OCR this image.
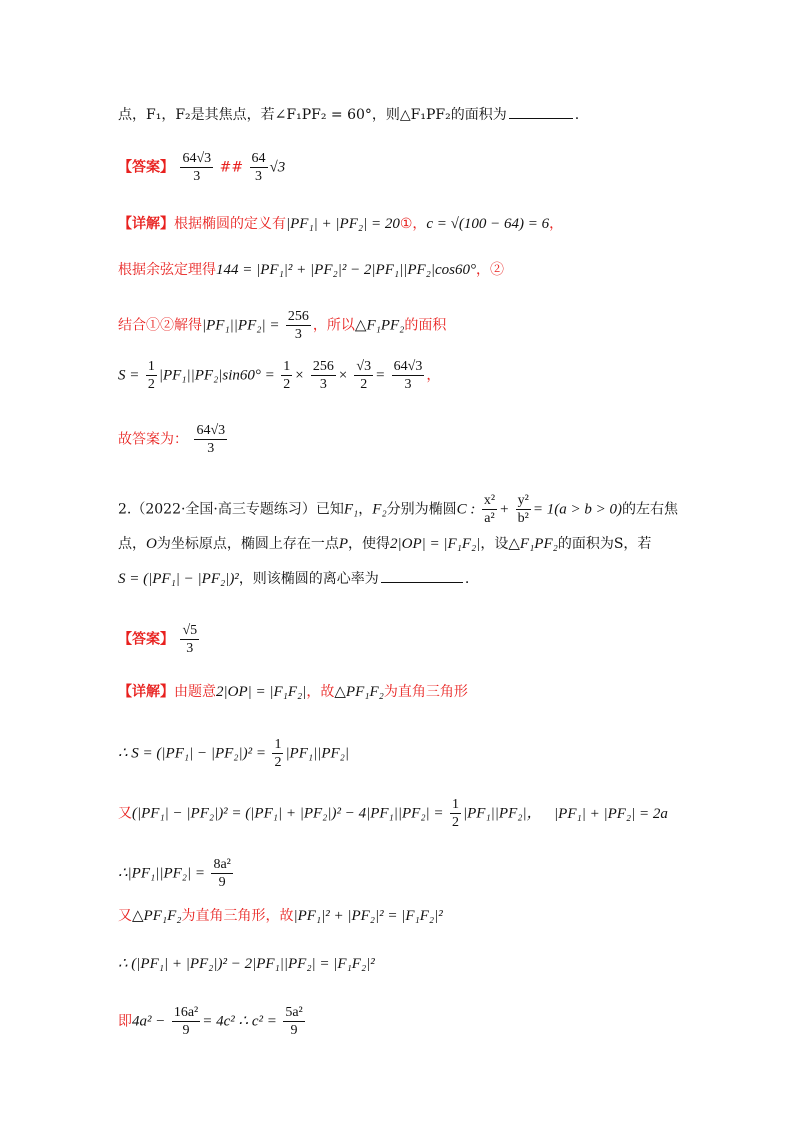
点，F₁，F₂是其焦点，若∠F₁PF₂ = 60°，则△F₁PF₂的面积为	.
【答案】 $\frac{64√3}{3}$ ## $\frac{64}{3} √3$
【详解】根据椭圆的定义有|PF₁| + |PF₂| = 20①，c = √(100 − 64) = 6，
根据余弦定理得144 = |PF₁|² + |PF₂|² − 2|PF₁||PF₂|cos60°，②
结合①②解得$|PF_1||PF_2| = \frac{256}{3}$ ，所以△F₁PF₂的面积
$S = \frac{1}{2} |PF_1||PF_2|\sin 60^\circ = \frac{1}{2} \times \frac{256}{3} \times \frac{√3}{2} = \frac{64√3}{3}$ ，
故答案为： $\frac{64√3}{3}$
2.（2022·全国·高三专题练习）已知F₁，F₂分别为椭圆C : $\frac{\text{x²}}{\text{a²}} + \frac{\text{y²}}{\text{b²}} = 1(a > b > 0)$的左右焦
点，O为坐标原点，椭圆上存在一点P，使得2|OP| = |F₁F₂|，设△F₁PF₂的面积为S，若
S = (|PF₁| − |PF₂|)²，则该椭圆的离心率为	.
【答案】 $\frac{√5}{3}$
【详解】由题意2|OP| = |F₁F₂|，故△PF₁F₂为直角三角形
∴ $S = (|PF_1| - |PF_2|)^2 = \frac{1}{2} |PF_1||PF_2|$
又$(|PF_1| - |PF_2|)^2 = (|PF_1| + |PF_2|)^2 - 4|PF_1||PF_2| = \frac{1}{2} |PF_1||PF_2|$， |PF₁| + |PF₂| = 2a
∴|PF₁||PF₂| = $\frac{\text{8a²}}{9}$
又△PF₁F₂为直角三角形，故|PF₁|² + |PF₂|² = |F₁F₂|²
∴ (|PF₁| + |PF₂|)² − 2|PF₁||PF₂| = |F₁F₂|²
即$4a^2 - \frac{\text{16a²}}{9} = 4c^2$ ∴ $c^2 = \frac{\text{5a²}}{9}$
